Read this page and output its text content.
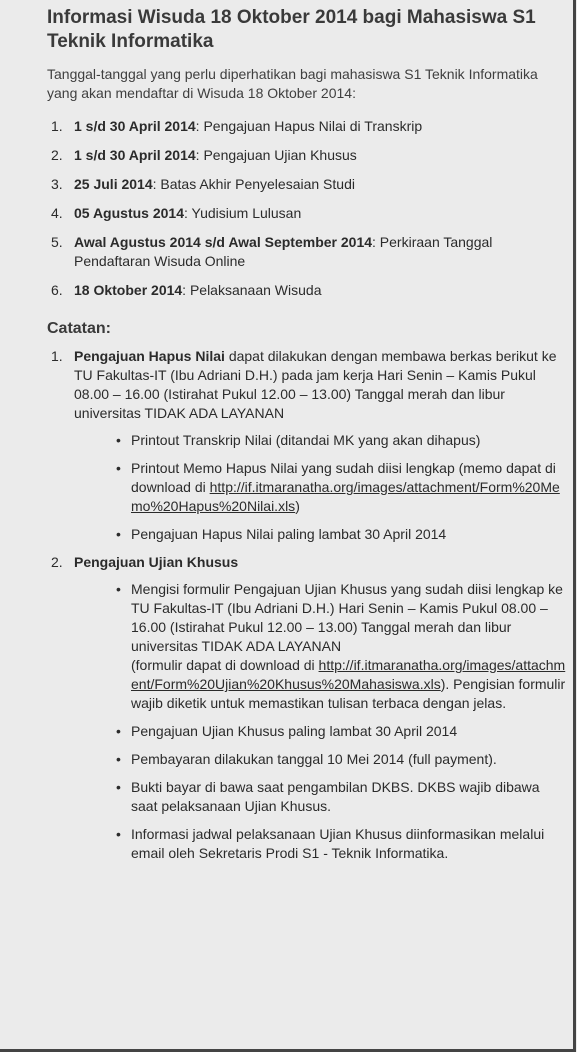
Informasi Wisuda 18 Oktober 2014 bagi Mahasiswa S1 Teknik Informatika
Tanggal-tanggal yang perlu diperhatikan bagi mahasiswa S1 Teknik Informatika yang akan mendaftar di Wisuda 18 Oktober 2014:
1. 1 s/d 30 April 2014: Pengajuan Hapus Nilai di Transkrip
2. 1 s/d 30 April 2014: Pengajuan Ujian Khusus
3. 25 Juli 2014: Batas Akhir Penyelesaian Studi
4. 05 Agustus 2014: Yudisium Lulusan
5. Awal Agustus 2014 s/d Awal September 2014: Perkiraan Tanggal Pendaftaran Wisuda Online
6. 18 Oktober 2014: Pelaksanaan Wisuda
Catatan:
1. Pengajuan Hapus Nilai dapat dilakukan dengan membawa berkas berikut ke TU Fakultas-IT (Ibu Adriani D.H.) pada jam kerja Hari Senin – Kamis Pukul 08.00 – 16.00 (Istirahat Pukul 12.00 – 13.00) Tanggal merah dan libur universitas TIDAK ADA LAYANAN
• Printout Transkrip Nilai (ditandai MK yang akan dihapus)
• Printout Memo Hapus Nilai yang sudah diisi lengkap (memo dapat di download di http://if.itmaranatha.org/images/attachment/Form%20Memo%20Hapus%20Nilai.xls)
• Pengajuan Hapus Nilai paling lambat 30 April 2014
2. Pengajuan Ujian Khusus
• Mengisi formulir Pengajuan Ujian Khusus yang sudah diisi lengkap ke TU Fakultas-IT (Ibu Adriani D.H.) Hari Senin – Kamis Pukul 08.00 – 16.00 (Istirahat Pukul 12.00 – 13.00) Tanggal merah dan libur universitas TIDAK ADA LAYANAN
(formulir dapat di download di http://if.itmaranatha.org/images/attachment/Form%20Ujian%20Khusus%20Mahasiswa.xls). Pengisian formulir wajib diketik untuk memastikan tulisan terbaca dengan jelas.
• Pengajuan Ujian Khusus paling lambat 30 April 2014
• Pembayaran dilakukan tanggal 10 Mei 2014 (full payment).
• Bukti bayar di bawa saat pengambilan DKBS. DKBS wajib dibawa saat pelaksanaan Ujian Khusus.
• Informasi jadwal pelaksanaan Ujian Khusus diinformasikan melalui email oleh Sekretaris Prodi S1 - Teknik Informatika.
